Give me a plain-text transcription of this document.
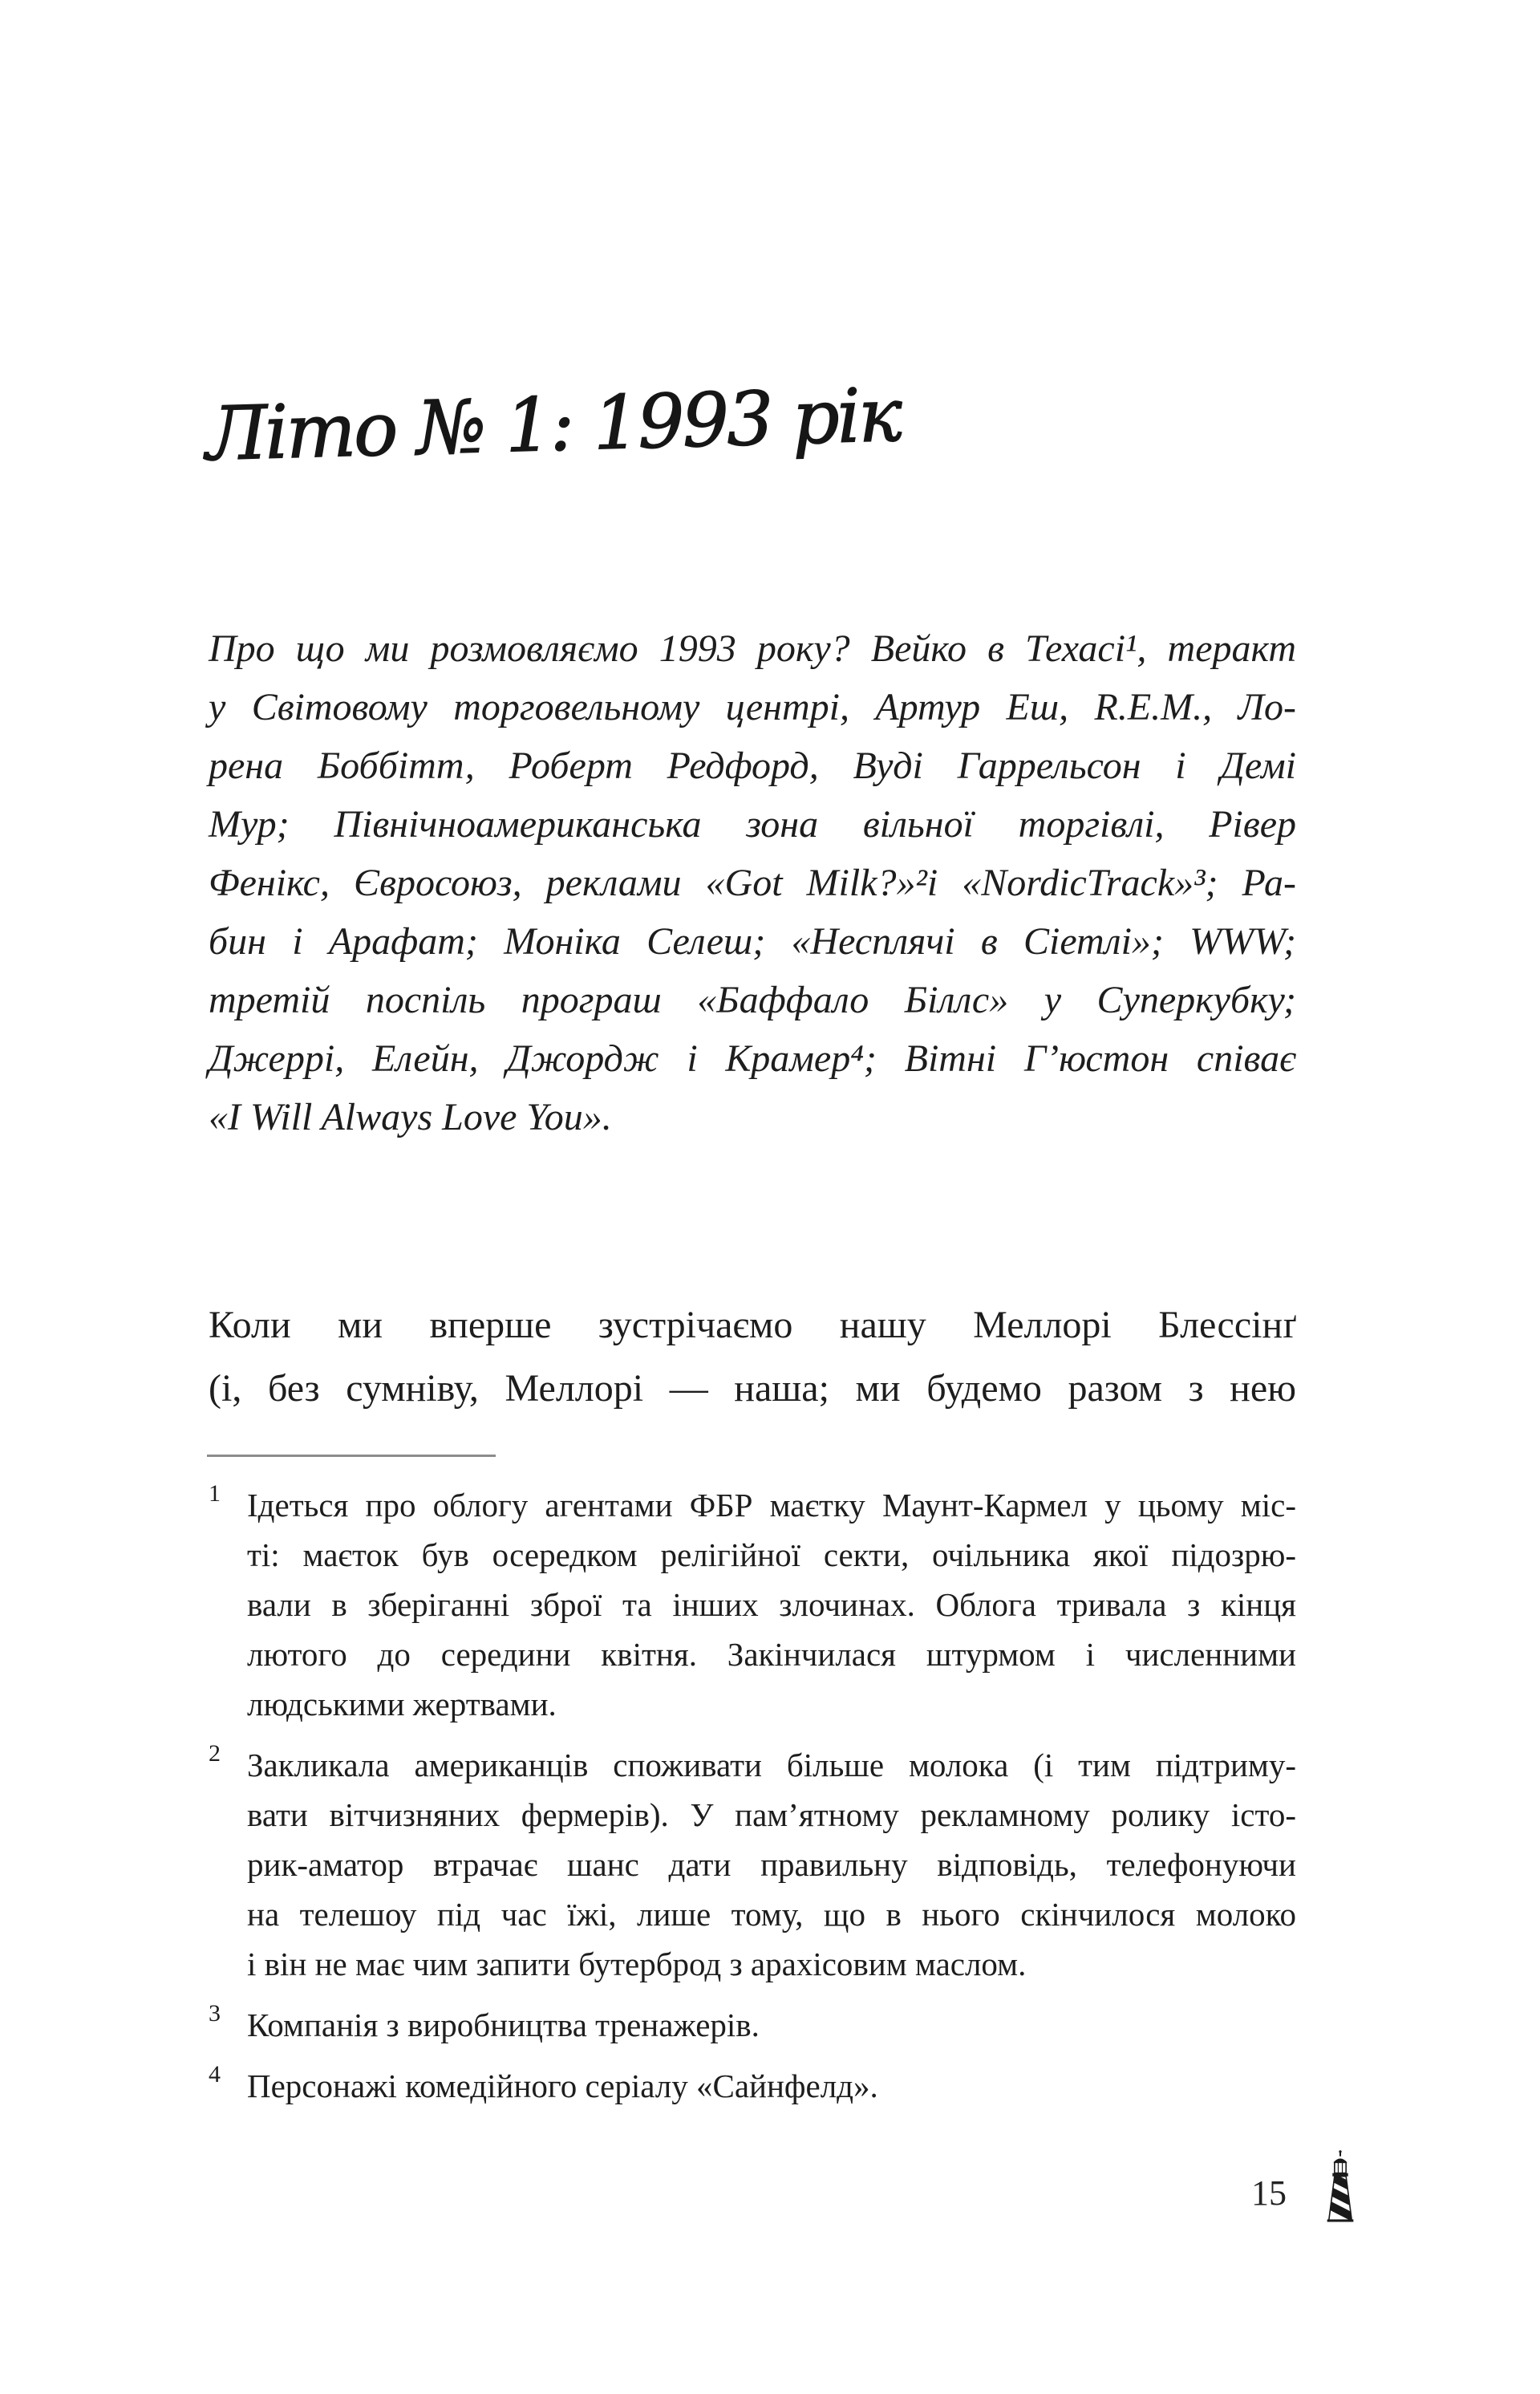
Літо № 1: 1993 рік
Про що ми розмовляємо 1993 року? Вейко в Техасі¹, теракт
у Світовому торговельному центрі, Артур Еш, R.E.M., Ло-
рена Боббітт, Роберт Редфорд, Вуді Гаррельсон і Демі
Мур; Північноамериканська зона вільної торгівлі, Рівер
Фенікс, Євросоюз, реклами «Got Milk?»²і «NordicTrack»³; Ра-
бин і Арафат; Моніка Селеш; «Несплячі в Сіетлі»; WWW;
третій поспіль програш «Баффало Біллс» у Суперкубку;
Джеррі, Елейн, Джордж і Крамер⁴; Вітні Г’юстон співає
«I Will Always Love You».
Коли ми вперше зустрічаємо нашу Меллорі Блессінґ
(і, без сумніву, Меллорі — наша; ми будемо разом з нею
1 Ідеться про облогу агентами ФБР маєтку Маунт-Кармел у цьому міс-
ті: маєток був осередком релігійної секти, очільника якої підозрю-
вали в зберіганні зброї та інших злочинах. Облога тривала з кінця
лютого до середини квітня. Закінчилася штурмом і численними
людськими жертвами.
2 Закликала американців споживати більше молока (і тим підтриму-
вати вітчизняних фермерів). У пам’ятному рекламному ролику істо-
рик-аматор втрачає шанс дати правильну відповідь, телефонуючи
на телешоу під час їжі, лише тому, що в нього скінчилося молоко
і він не має чим запити бутерброд з арахісовим маслом.
3 Компанія з виробництва тренажерів.
4 Персонажі комедійного серіалу «Сайнфелд».
15
